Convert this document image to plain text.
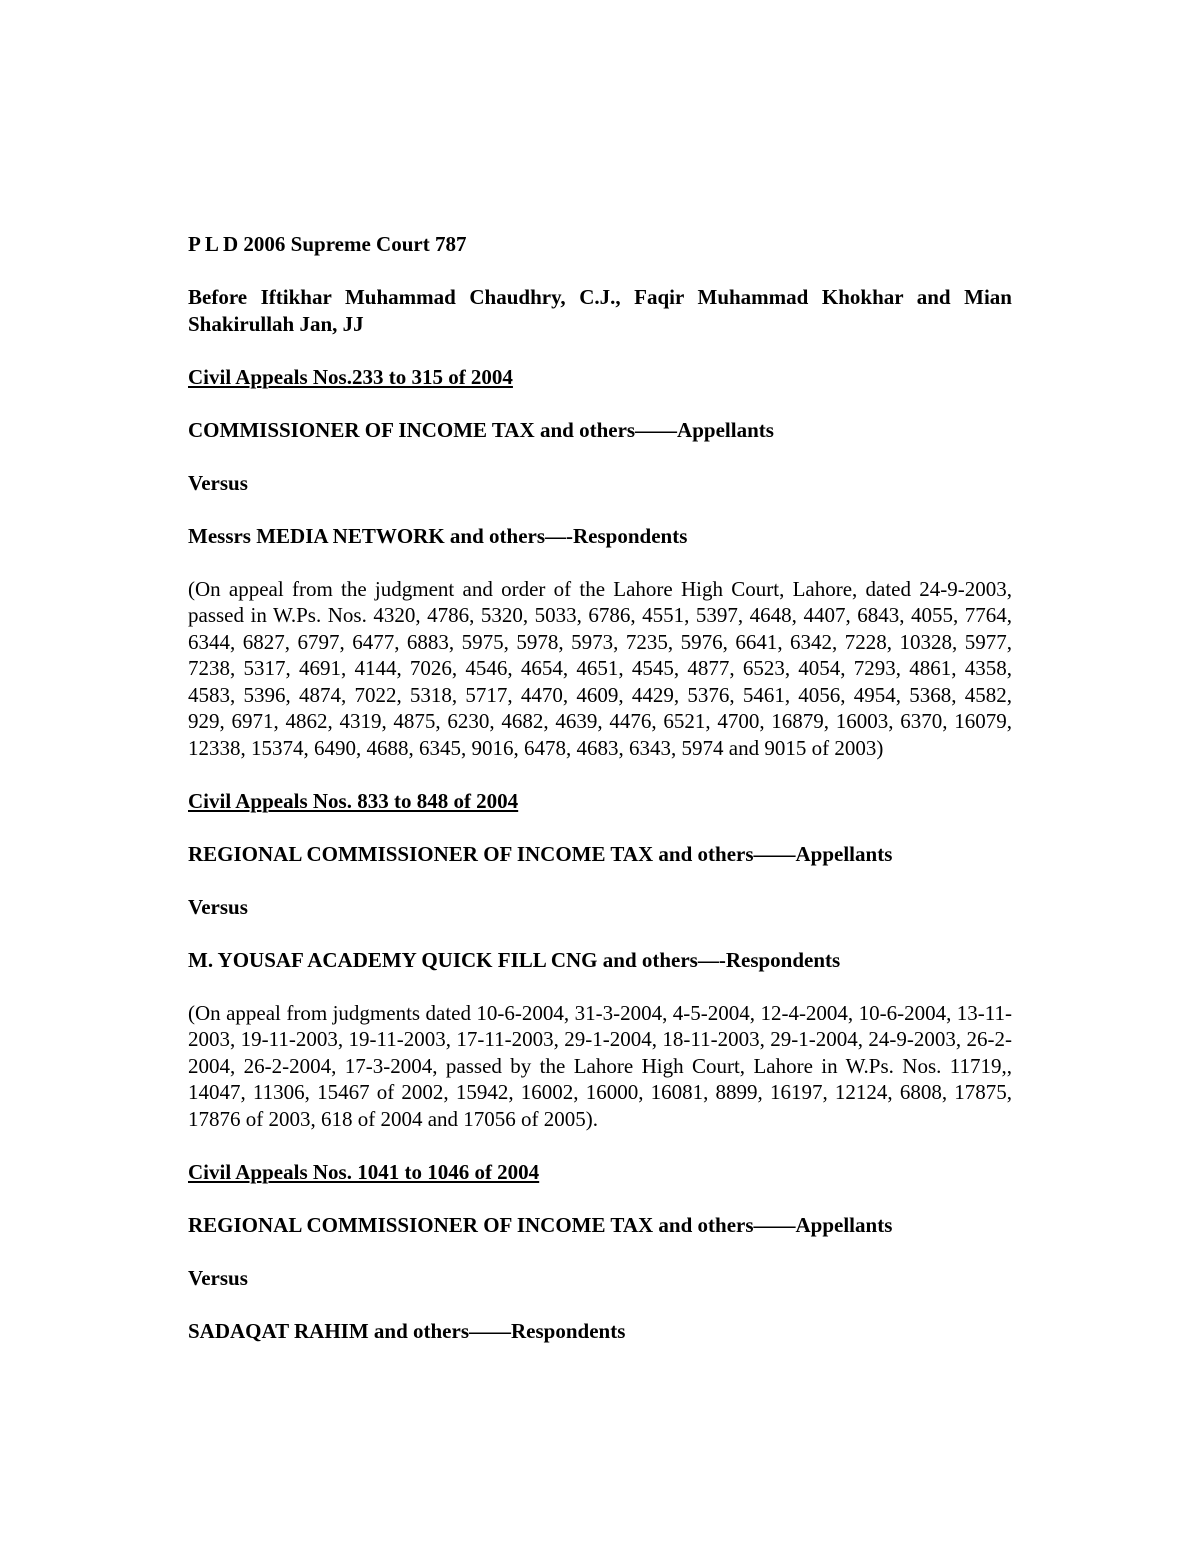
P L D 2006 Supreme Court 787

Before Iftikhar Muhammad Chaudhry, C.J., Faqir Muhammad Khokhar and Mian Shakirullah Jan, JJ

Civil Appeals Nos.233 to 315 of 2004

COMMISSIONER OF INCOME TAX and others——Appellants

Versus

Messrs MEDIA NETWORK and others—-Respondents

(On appeal from the judgment and order of the Lahore High Court, Lahore, dated 24-9-2003, passed in W.Ps. Nos. 4320, 4786, 5320, 5033, 6786, 4551, 5397, 4648, 4407, 6843, 4055, 7764, 6344, 6827, 6797, 6477, 6883, 5975, 5978, 5973, 7235, 5976, 6641, 6342, 7228, 10328, 5977, 7238, 5317, 4691, 4144, 7026, 4546, 4654, 4651, 4545, 4877, 6523, 4054, 7293, 4861, 4358, 4583, 5396, 4874, 7022, 5318, 5717, 4470, 4609, 4429, 5376, 5461, 4056, 4954, 5368, 4582, 929, 6971, 4862, 4319, 4875, 6230, 4682, 4639, 4476, 6521, 4700, 16879, 16003, 6370, 16079, 12338, 15374, 6490, 4688, 6345, 9016, 6478, 4683, 6343, 5974 and 9015 of 2003)

Civil Appeals Nos. 833 to 848 of 2004

REGIONAL COMMISSIONER OF INCOME TAX and others——Appellants

Versus

M. YOUSAF ACADEMY QUICK FILL CNG and others—-Respondents

(On appeal from judgments dated 10-6-2004, 31-3-2004, 4-5-2004, 12-4-2004, 10-6-2004, 13-11-2003, 19-11-2003, 19-11-2003, 17-11-2003, 29-1-2004, 18-11-2003, 29-1-2004, 24-9-2003, 26-2-2004, 26-2-2004, 17-3-2004, passed by the Lahore High Court, Lahore in W.Ps. Nos. 11719,, 14047, 11306, 15467 of 2002, 15942, 16002, 16000, 16081, 8899, 16197, 12124, 6808, 17875, 17876 of 2003, 618 of 2004 and 17056 of 2005).

Civil Appeals Nos. 1041 to 1046 of 2004

REGIONAL COMMISSIONER OF INCOME TAX and others——Appellants

Versus

SADAQAT RAHIM and others——Respondents
